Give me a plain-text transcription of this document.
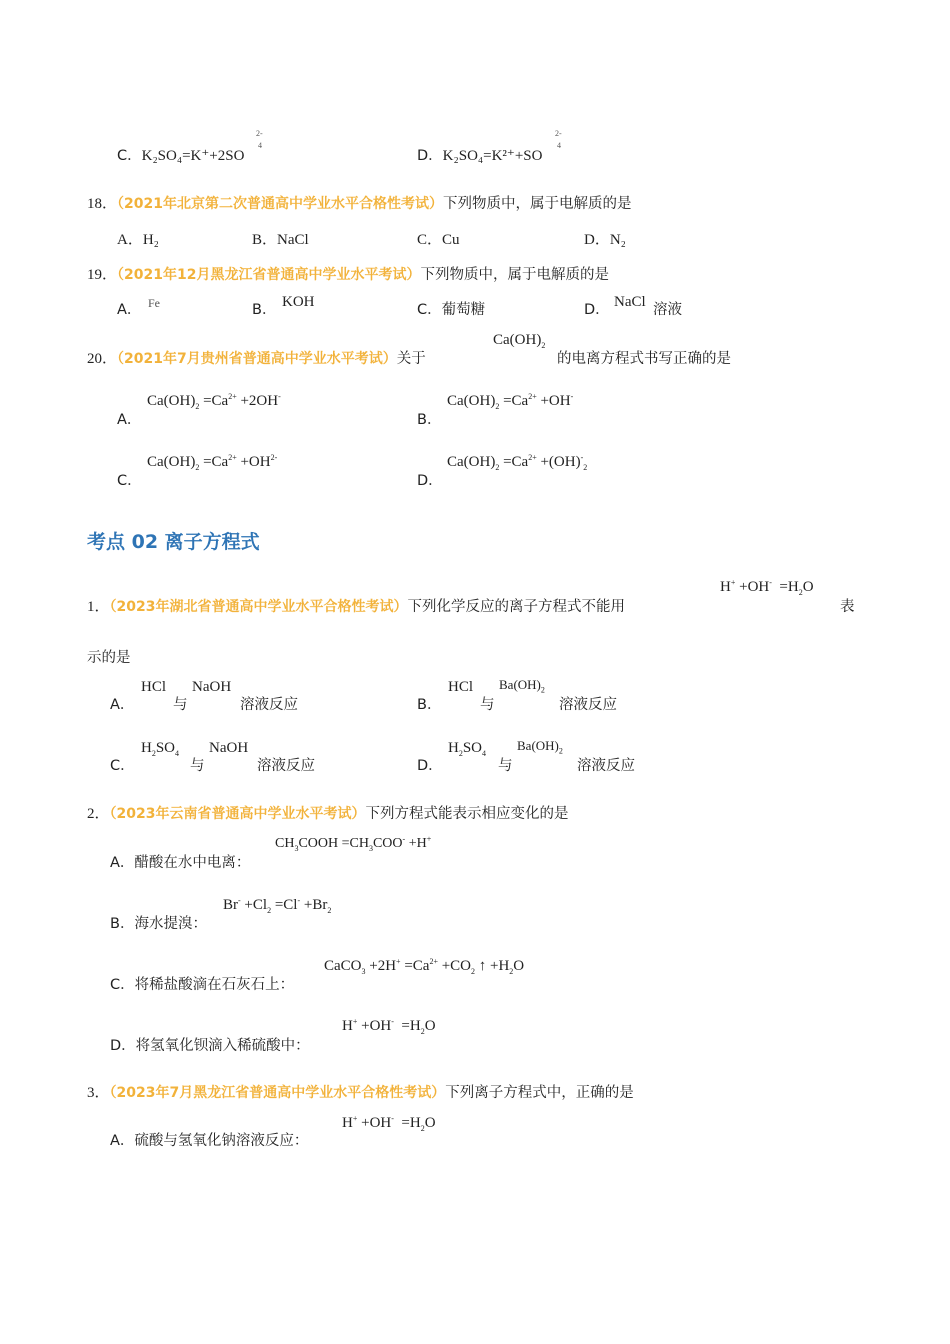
C．K₂SO₄=K⁺+2SO
2-
4
D．K₂SO₄=K²⁺+SO
2-
4
18．（2021年北京第二次普通高中学业水平合格性考试）下列物质中，属于电解质的是
A．H₂	B．NaCl	C．Cu	D．N₂
19．（2021年12月黑龙江省普通高中学业水平考试）下列物质中，属于电解质的是
A． Fe	B． KOH	C．葡萄糖	D． NaCl 溶液
20．（2021年7月贵州省普通高中学业水平考试）关于
$Ca(OH)_2$
的电离方程式书写正确的是
A．
$Ca(OH)_2 =Ca^{2+} +2OH^-$
B．
$Ca(OH)_2 =Ca^{2+} +OH^-$
C．
$Ca(OH)_2 =Ca^{2+} +OH^{2-}$
D．
$Ca(OH)_2 =Ca^{2+} +(OH)^-_2$
考点 02 离子方程式
1．（2023年湖北省普通高中学业水平合格性考试）下列化学反应的离子方程式不能用
$H^+ +OH^- =H_2O$
表
示的是
A．
HCl
与
NaOH
溶液反应	B．
HCl
与
$Ba(OH)_2$
溶液反应
C．
$H_2SO_4$
与
NaOH
溶液反应	D．
$H_2SO_4$
与
$Ba(OH)_2$
溶液反应
2．（2023年云南省普通高中学业水平考试）下列方程式能表示相应变化的是
A．醋酸在水中电离：
$CH_3COOH =CH_3COO^- +H^+$
B．海水提溴：
$Br^- +Cl_2 =Cl^- +Br_2$
C．将稀盐酸滴在石灰石上：
CaCO$_3$ $+2H^+ =Ca^{2+} +CO_2$ ↑ $+H_2O$
D．将氢氧化钡滴入稀硫酸中：
$H^+ +OH^- =H_2O$
3．（2023年7月黑龙江省普通高中学业水平合格性考试）下列离子方程式中，正确的是
A．硫酸与氢氧化钠溶液反应：
$H^+ +OH^- =H_2O$
